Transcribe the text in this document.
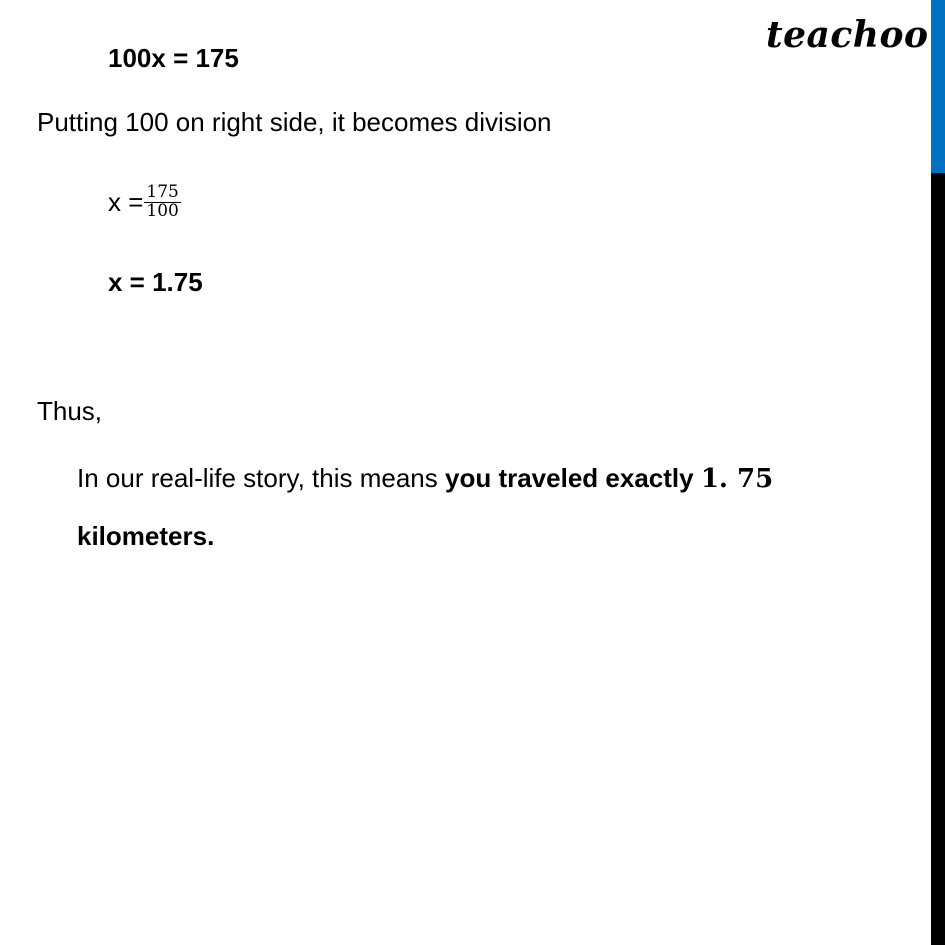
teachoo
100x = 175
Putting 100 on right side, it becomes division
$x = \frac{175}{100}$
x = 1.75
Thus,
In our real-life story, this means you traveled exactly 1. 75
kilometers.
